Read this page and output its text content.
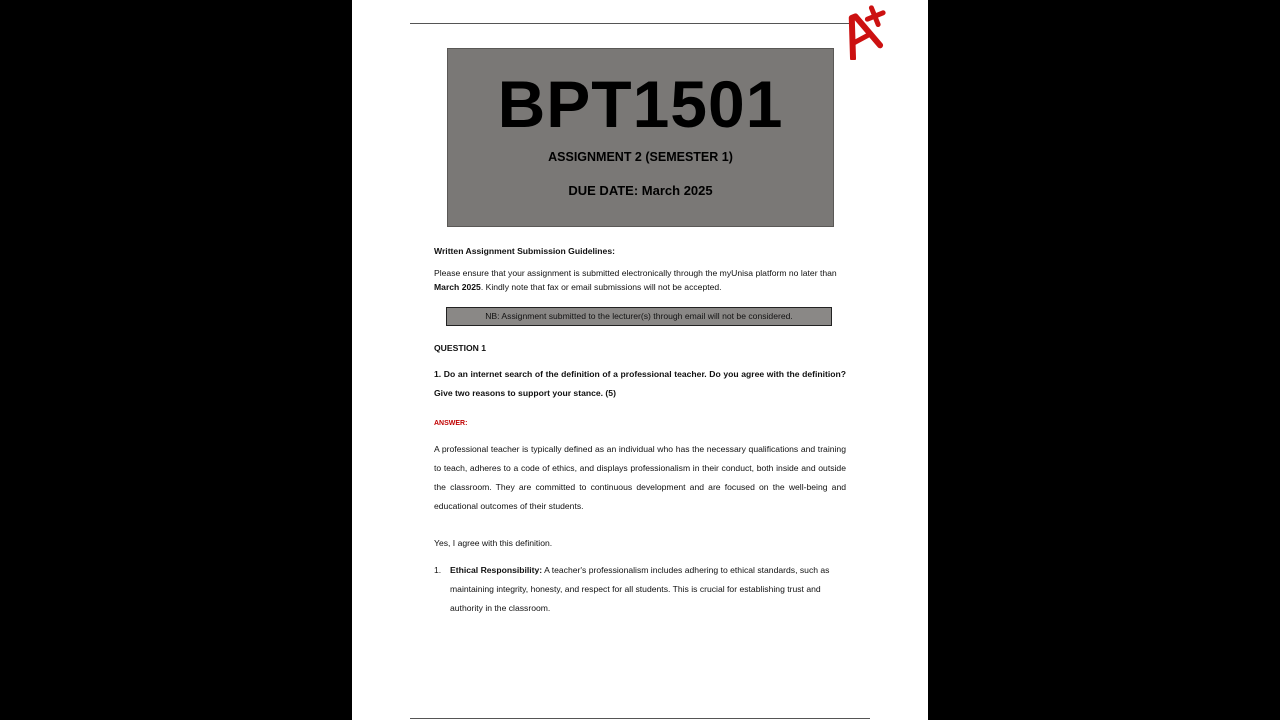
BPT1501
ASSIGNMENT 2 (SEMESTER 1)
DUE DATE: March 2025
Written Assignment Submission Guidelines:
Please ensure that your assignment is submitted electronically through the myUnisa platform no later than March 2025. Kindly note that fax or email submissions will not be accepted.
NB: Assignment submitted to the lecturer(s) through email will not be considered.
QUESTION 1
1. Do an internet search of the definition of a professional teacher. Do you agree with the definition? Give two reasons to support your stance. (5)
ANSWER:
A professional teacher is typically defined as an individual who has the necessary qualifications and training to teach, adheres to a code of ethics, and displays professionalism in their conduct, both inside and outside the classroom. They are committed to continuous development and are focused on the well-being and educational outcomes of their students.
Yes, I agree with this definition.
1. Ethical Responsibility: A teacher's professionalism includes adhering to ethical standards, such as maintaining integrity, honesty, and respect for all students. This is crucial for establishing trust and authority in the classroom.
